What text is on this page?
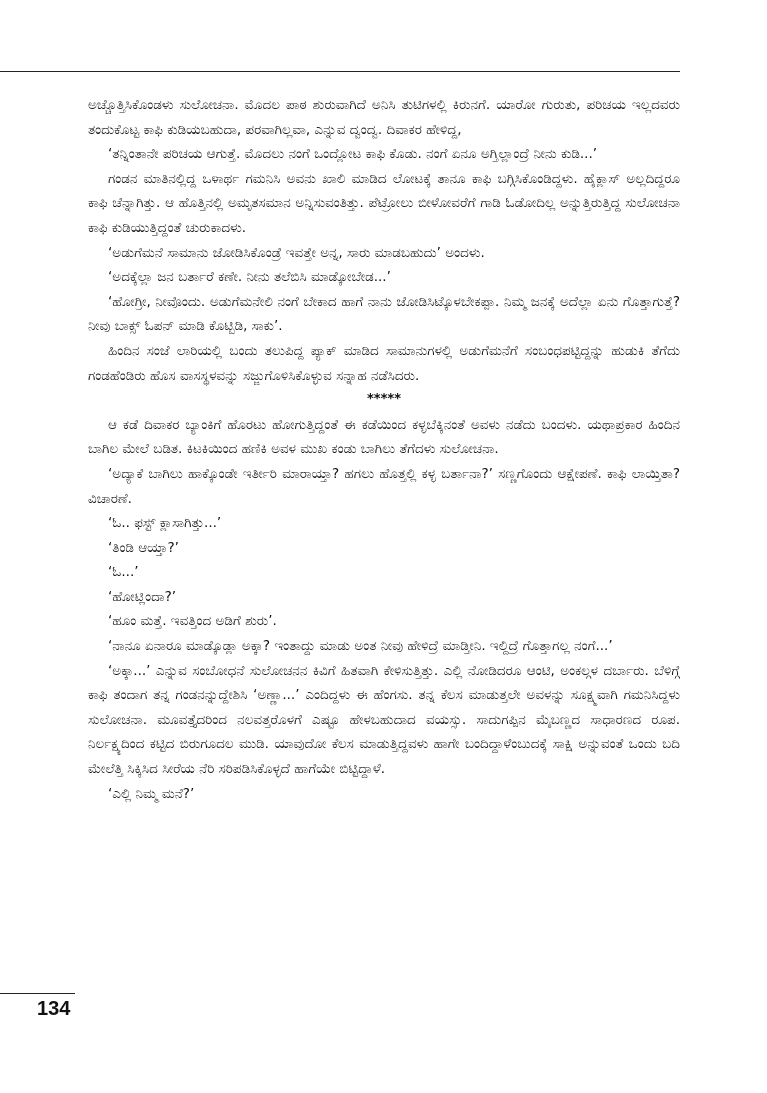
ಅಚ್ಚೊತ್ತಿಸಿಕೊಂಡಳು ಸುಲೋಚನಾ. ಮೊದಲ ಪಾಠ ಶುರುವಾಗಿದೆ ಅನಿಸಿ ತುಟಿಗಳಲ್ಲಿ ಕಿರುನಗೆ. ಯಾರೋ ಗುರುತು, ಪರಿಚಯ ಇಲ್ಲದವರು ತಂದುಕೊಟ್ಟ ಕಾಫಿ ಕುಡಿಯಬಹುದಾ, ಪರವಾಗಿಲ್ಲವಾ, ಎನ್ನುವ ದ್ವಂದ್ವ. ದಿವಾಕರ ಹೇಳಿದ್ದ,

‘ತನ್ನಿಂತಾನೇ ಪರಿಚಯ ಆಗುತ್ತೆ. ಮೊದಲು ನಂಗೆ ಒಂದ್ಲೋಟ ಕಾಫಿ ಕೊಡು. ನಂಗೆ ಏನೂ ಅಗ್ತಿಲ್ಲಾಂದ್ರೆ ನೀನು ಕುಡಿ...’

ಗಂಡನ ಮಾತಿನಲ್ಲಿದ್ದ ಒಳಾರ್ಥ ಗಮನಿಸಿ ಅವನು ಖಾಲಿ ಮಾಡಿದ ಲೋಟಕ್ಕೆ ತಾನೂ ಕಾಫಿ ಬಗ್ಗಿಸಿಕೊಂಡಿದ್ದಳು. ಹೈಕ್ಲಾಸ್ ಅಲ್ಲದಿದ್ದರೂ ಕಾಫಿ ಚೆನ್ನಾಗಿತ್ತು. ಆ ಹೊತ್ತಿನಲ್ಲಿ ಅಮೃತಸಮಾನ ಅನ್ನಿಸುವಂತಿತ್ತು. ಪೆಟ್ರೋಲು ಬೀಳೋವರೆಗೆ ಗಾಡಿ ಓಡೋದಿಲ್ಲ ಅನ್ನುತ್ತಿರುತ್ತಿದ್ದ ಸುಲೋಚನಾ ಕಾಫಿ ಕುಡಿಯುತ್ತಿದ್ದಂತೆ ಚುರುಕಾದಳು.

‘ಅಡುಗೆಮನೆ ಸಾಮಾನು ಜೋಡಿಸಿಕೊಂಡ್ರೆ ಇವತ್ತೇ ಅನ್ನ, ಸಾರು ಮಾಡಬಹುದು’ ಅಂದಳು.

‘ಅದಕ್ಕೆಲ್ಲಾ ಜನ ಬರ್ತಾರೆ ಕಣೇ. ನೀನು ತಲೆಬಿಸಿ ಮಾಡ್ಕೋಬೇಡ...’

‘ಹೋಗ್ರೀ, ನೀವೊಂದು. ಅಡುಗೆಮನೇಲಿ ನಂಗೆ ಬೇಕಾದ ಹಾಗೆ ನಾನು ಜೋಡಿಸಿಟ್ಕೊಳಬೇಕಪ್ಪಾ. ನಿಮ್ಮ ಜನಕ್ಕೆ ಅದೆಲ್ಲಾ ಏನು ಗೊತ್ತಾಗುತ್ತೆ? ನೀವು ಬಾಕ್ಸ್ ಓಪನ್ ಮಾಡಿ ಕೊಟ್ಬಿಡಿ, ಸಾಕು’.

ಹಿಂದಿನ ಸಂಜೆ ಲಾರಿಯಲ್ಲಿ ಬಂದು ತಲುಪಿದ್ದ ಪ್ಯಾಕ್ ಮಾಡಿದ ಸಾಮಾನುಗಳಲ್ಲಿ ಅಡುಗೆಮನೆಗೆ ಸಂಬಂಧಪಟ್ಟಿದ್ದನ್ನು ಹುಡುಕಿ ತೆಗೆದು ಗಂಡಹೆಂಡಿರು ಹೊಸ ವಾಸಸ್ಥಳವನ್ನು ಸಜ್ಜುಗೊಳಿಸಿಕೊಳ್ಳುವ ಸನ್ನಾಹ ನಡೆಸಿದರು.

*****

ಆ ಕಡೆ ದಿವಾಕರ ಬ್ಯಾಂಕಿಗೆ ಹೊರಟು ಹೋಗುತ್ತಿದ್ದಂತೆ ಈ ಕಡೆಯಿಂದ ಕಳ್ಳಬೆಕ್ಕಿನಂತೆ ಅವಳು ನಡೆದು ಬಂದಳು. ಯಥಾಪ್ರಕಾರ ಹಿಂದಿನ ಬಾಗಿಲ ಮೇಲೆ ಬಡಿತ. ಕಿಟಕಿಯಿಂದ ಹಣಿಕಿ ಅವಳ ಮುಖ ಕಂಡು ಬಾಗಿಲು ತೆಗೆದಳು ಸುಲೋಚನಾ.

‘ಅದ್ಯಾಕೆ ಬಾಗಿಲು ಹಾಕ್ಕೊಂಡೇ ಇರ್ತೀರಿ ಮಾರಾಯ್ತಾ? ಹಗಲು ಹೊತ್ತಲ್ಲಿ ಕಳ್ಳ ಬರ್ತಾನಾ?’ ಸಣ್ಣಗೊಂದು ಆಕ್ಷೇಪಣೆ. ಕಾಫಿ ಲಾಯ್ತಿತಾ? ವಿಚಾರಣೆ.

‘ಓ.. ಫಸ್ಟ್ ಕ್ಲಾಸಾಗಿತ್ತು...’

‘ತಿಂಡಿ ಆಯ್ತಾ?’

‘ಓ...’

‘ಹೋಟ್ಲಿಂದಾ?’

‘ಹೂಂ ಮತ್ತೆ. ಇವತ್ತಿಂದ ಅಡಿಗೆ ಶುರು’.

‘ನಾನೂ ಏನಾರೂ ಮಾಡ್ಕೊಡ್ಲಾ ಅಕ್ಕಾ? ಇಂತಾದ್ದು ಮಾಡು ಅಂತ ನೀವು ಹೇಳಿದ್ರೆ ಮಾಡ್ತೀನಿ. ಇಲ್ದಿದ್ರೆ ಗೊತ್ತಾಗಲ್ಲ ನಂಗೆ...’

‘ಅಕ್ಕಾ...’ ಎನ್ನುವ ಸಂಬೋಧನೆ ಸುಲೋಚನನ ಕಿವಿಗೆ ಹಿತವಾಗಿ ಕೇಳಿಸುತ್ತಿತ್ತು. ಎಲ್ಲಿ ನೋಡಿದರೂ ಆಂಟಿ, ಅಂಕಲ್ಗಳ ದರ್ಬಾರು. ಬೆಳಿಗ್ಗೆ ಕಾಫಿ ತಂದಾಗ ತನ್ನ ಗಂಡನನ್ನುದ್ದೇಶಿಸಿ ‘ಅಣ್ಣಾ...’ ಎಂದಿದ್ದಳು ಈ ಹೆಂಗಸು. ತನ್ನ ಕೆಲಸ ಮಾಡುತ್ತಲೇ ಅವಳನ್ನು ಸೂಕ್ಷ್ಮವಾಗಿ ಗಮನಿಸಿದ್ದಳು ಸುಲೋಚನಾ. ಮೂವತ್ತೈದರಿಂದ ನಲವತ್ತರೊಳಗೆ ಎಷ್ಟೂ ಹೇಳಬಹುದಾದ ವಯಸ್ಸು. ಸಾದುಗಪ್ಪಿನ ಮೈಬಣ್ಣದ ಸಾಧಾರಣದ ರೂಪ. ನಿರ್ಲಕ್ಷ್ಯದಿಂದ ಕಟ್ಟಿದ ಬಿರುಗೂದಲ ಮುಡಿ. ಯಾವುದೋ ಕೆಲಸ ಮಾಡುತ್ತಿದ್ದವಳು ಹಾಗೇ ಬಂದಿದ್ದಾಳೆಂಬುದಕ್ಕೆ ಸಾಕ್ಷಿ ಅನ್ನುವಂತೆ ಒಂದು ಬದಿ ಮೇಲೆತ್ತಿ ಸಿಕ್ಕಿಸಿದ ಸೀರೆಯ ನೆರಿ ಸರಿಪಡಿಸಿಕೊಳ್ಳದೆ ಹಾಗೆಯೇ ಬಿಟ್ಟಿದ್ದಾಳೆ.

‘ಎಲ್ಲಿ ನಿಮ್ಮ ಮನೆ?’

134
